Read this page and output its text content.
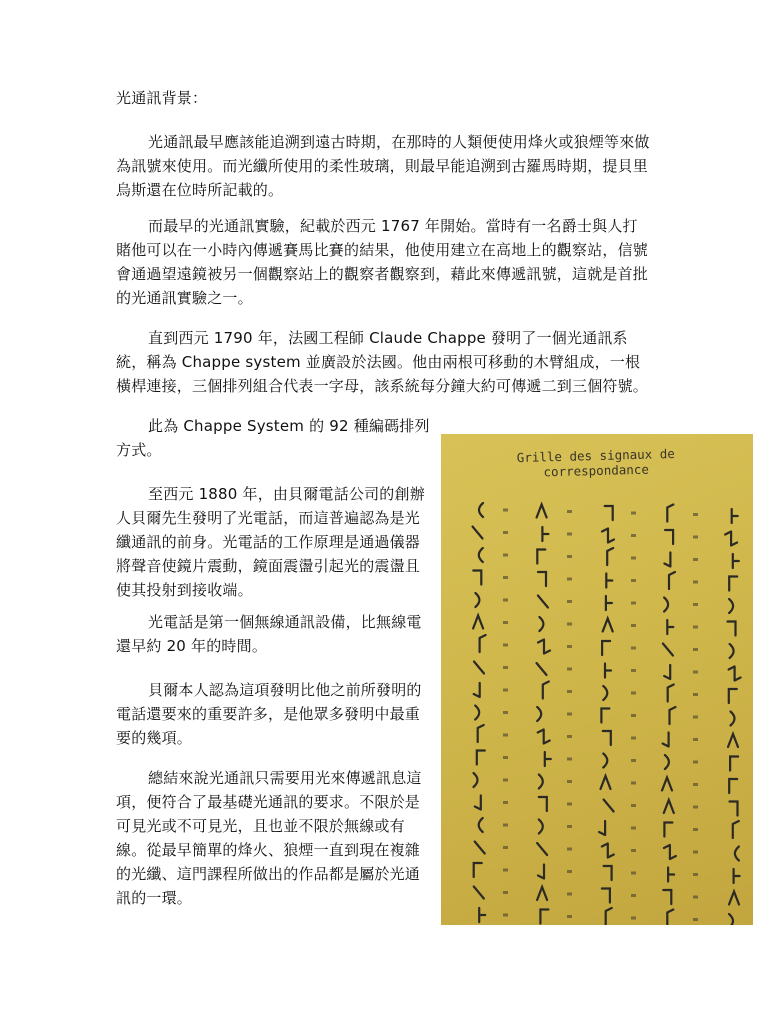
光通訊背景：

光通訊最早應該能追溯到遠古時期，在那時的人類便使用烽火或狼煙等來做為訊號來使用。而光纖所使用的柔性玻璃，則最早能追溯到古羅馬時期，提貝里烏斯還在位時所記載的。

而最早的光通訊實驗，紀載於西元 1767 年開始。當時有一名爵士與人打賭他可以在一小時內傳遞賽馬比賽的結果，他使用建立在高地上的觀察站，信號會通過望遠鏡被另一個觀察站上的觀察者觀察到，藉此來傳遞訊號，這就是首批的光通訊實驗之一。

直到西元 1790 年，法國工程師 Claude Chappe 發明了一個光通訊系統，稱為 Chappe system 並廣設於法國。他由兩根可移動的木臂組成，一根橫桿連接，三個排列組合代表一字母，該系統每分鐘大約可傳遞二到三個符號。

此為 Chappe System 的 92 種編碼排列方式。

至西元 1880 年，由貝爾電話公司的創辦人貝爾先生發明了光電話，而這普遍認為是光纖通訊的前身。光電話的工作原理是通過儀器將聲音使鏡片震動，鏡面震盪引起光的震盪且使其投射到接收端。

光電話是第一個無線通訊設備，比無線電還早約 20 年的時間。

貝爾本人認為這項發明比他之前所發明的電話還要來的重要許多，是他眾多發明中最重要的幾項。

總結來說光通訊只需要用光來傳遞訊息這項，便符合了最基礎光通訊的要求。不限於是可見光或不可見光，且也並不限於無線或有線。從最早簡單的烽火、狼煙一直到現在複雜的光纖、這門課程所做出的作品都是屬於光通訊的一環。

Grille des signaux de
correspondance
